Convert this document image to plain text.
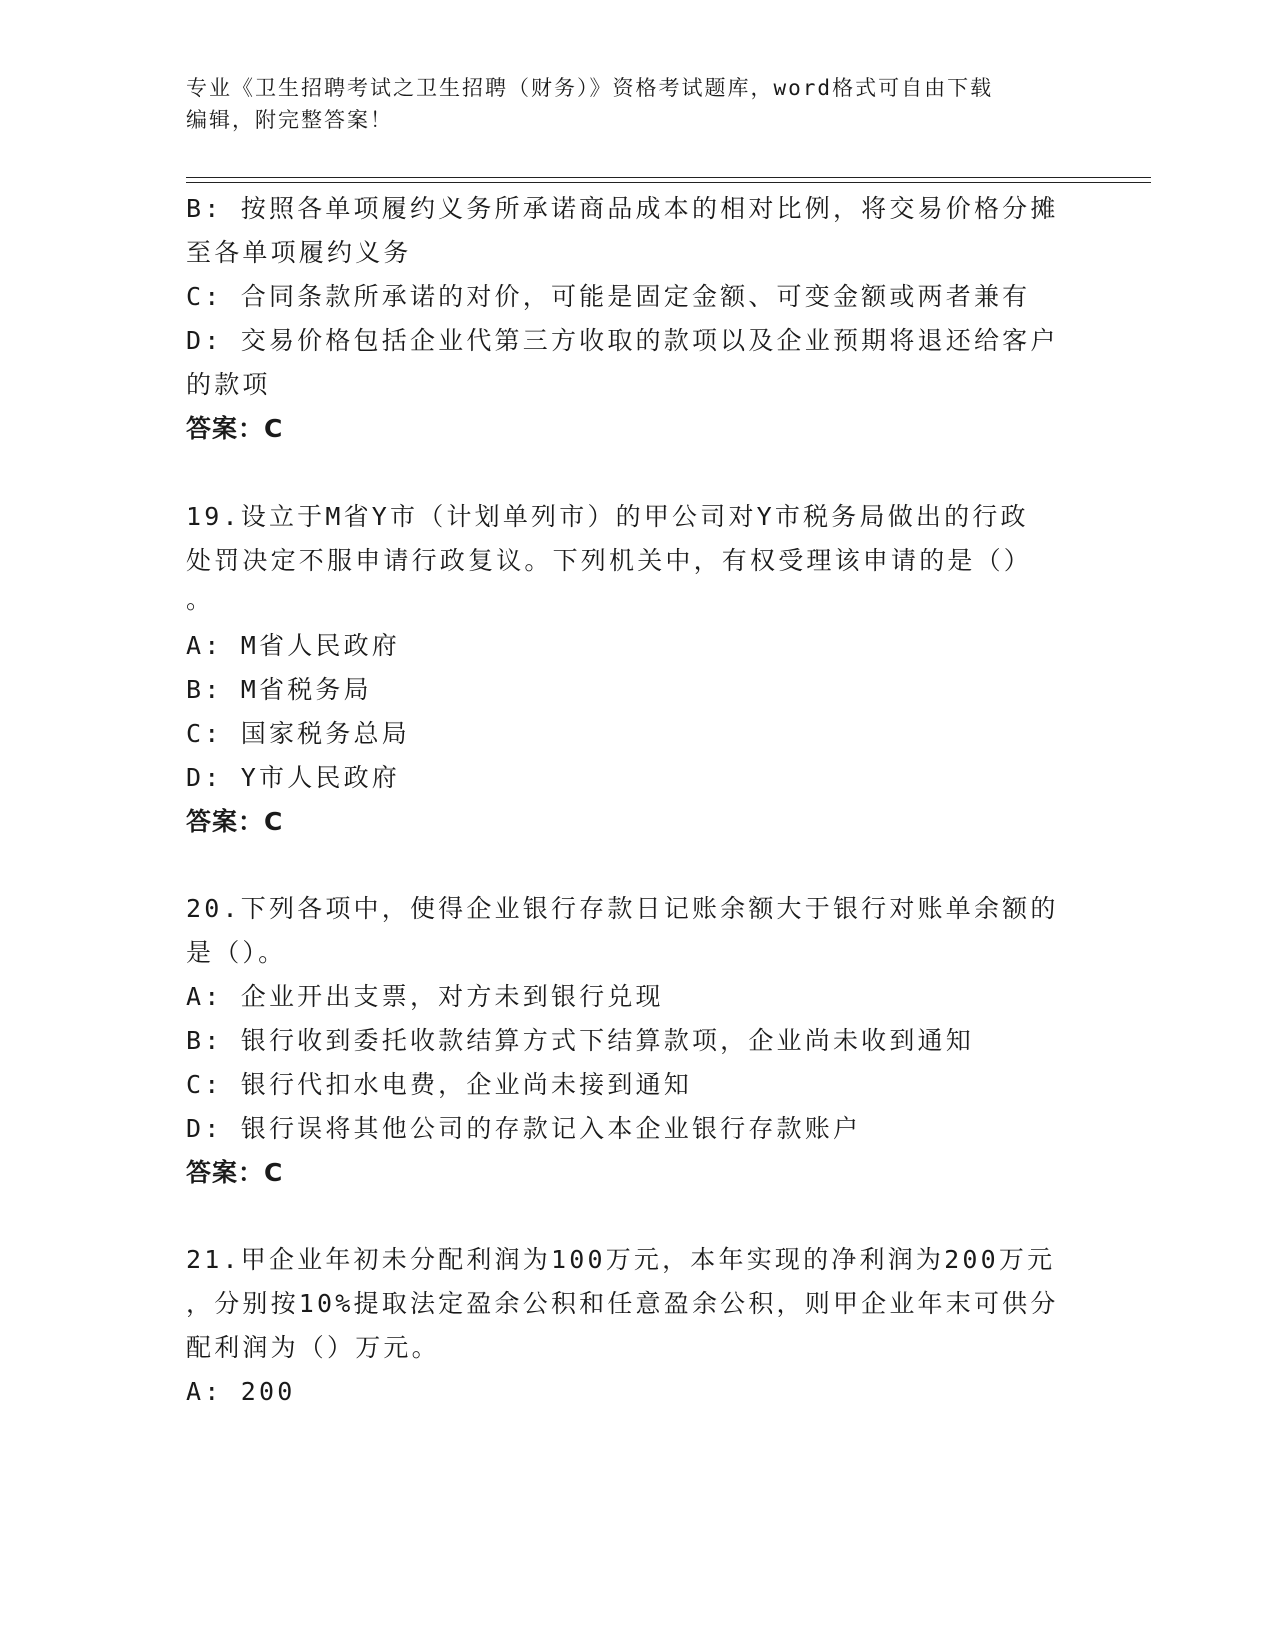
专业《卫生招聘考试之卫生招聘（财务）》资格考试题库，word格式可自由下载
编辑，附完整答案！
B: 按照各单项履约义务所承诺商品成本的相对比例，将交易价格分摊
至各单项履约义务
C: 合同条款所承诺的对价，可能是固定金额、可变金额或两者兼有
D: 交易价格包括企业代第三方收取的款项以及企业预期将退还给客户
的款项
答案：C
19.设立于M省Y市（计划单列市）的甲公司对Y市税务局做出的行政
处罚决定不服申请行政复议。下列机关中，有权受理该申请的是（）
。
A: M省人民政府
B: M省税务局
C: 国家税务总局
D: Y市人民政府
答案：C
20.下列各项中，使得企业银行存款日记账余额大于银行对账单余额的
是（）。
A: 企业开出支票，对方未到银行兑现
B: 银行收到委托收款结算方式下结算款项，企业尚未收到通知
C: 银行代扣水电费，企业尚未接到通知
D: 银行误将其他公司的存款记入本企业银行存款账户
答案：C
21.甲企业年初未分配利润为100万元，本年实现的净利润为200万元
，分别按10%提取法定盈余公积和任意盈余公积，则甲企业年末可供分
配利润为（）万元。
A: 200
